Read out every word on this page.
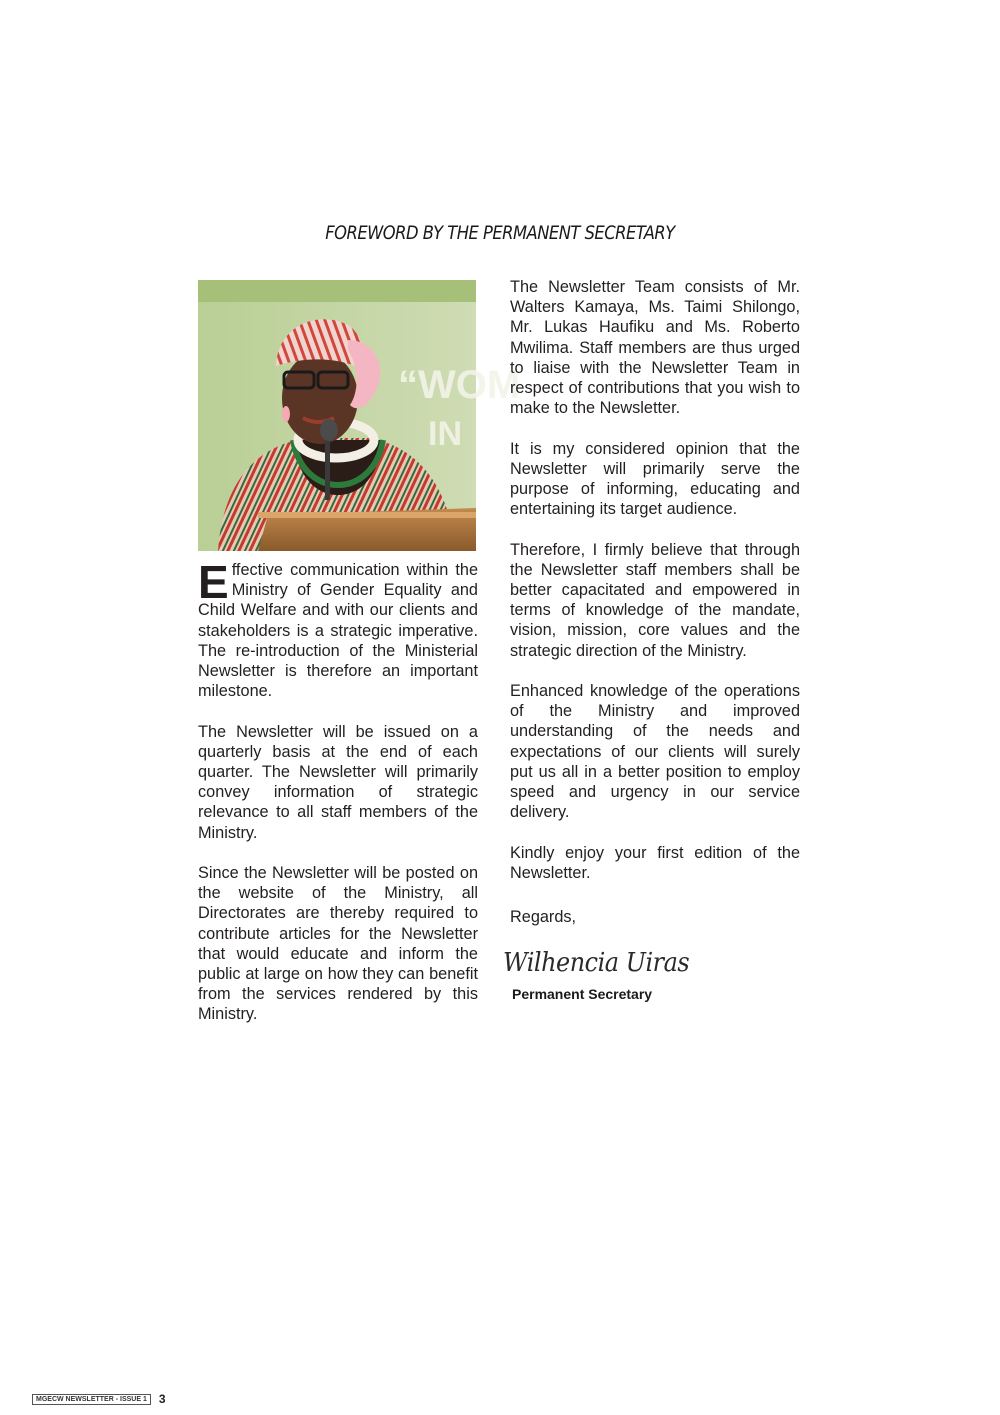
FOREWORD BY THE PERMANENT SECRETARY
“WOM
IN

Effective communication within the Ministry of Gender Equality and Child Welfare and with our clients and stakeholders is a strategic imperative. The re-introduction of the Ministerial Newsletter is therefore an important milestone.

The Newsletter will be issued on a quarterly basis at the end of each quarter. The Newsletter will primarily convey information of strategic relevance to all staff members of the Ministry.

Since the Newsletter will be posted on the website of the Ministry, all Directorates are thereby required to contribute articles for the Newsletter that would educate and inform the public at large on how they can benefit from the services rendered by this Ministry.

The Newsletter Team consists of Mr. Walters Kamaya, Ms. Taimi Shilongo, Mr. Lukas Haufiku and Ms. Roberto Mwilima. Staff members are thus urged to liaise with the Newsletter Team in respect of contributions that you wish to make to the Newsletter.

It is my considered opinion that the Newsletter will primarily serve the purpose of informing, educating and entertaining its target audience.

Therefore, I firmly believe that through the Newsletter staff members shall be better capacitated and empowered in terms of knowledge of the mandate, vision, mission, core values and the strategic direction of the Ministry.

Enhanced knowledge of the operations of the Ministry and improved understanding of the needs and expectations of our clients will surely put us all in a better position to employ speed and urgency in our service delivery.

Kindly enjoy your first edition of the Newsletter.

Regards,

Wilhencia Uiras
Permanent Secretary
MGECW NEWSLETTER - ISSUE 1	3
